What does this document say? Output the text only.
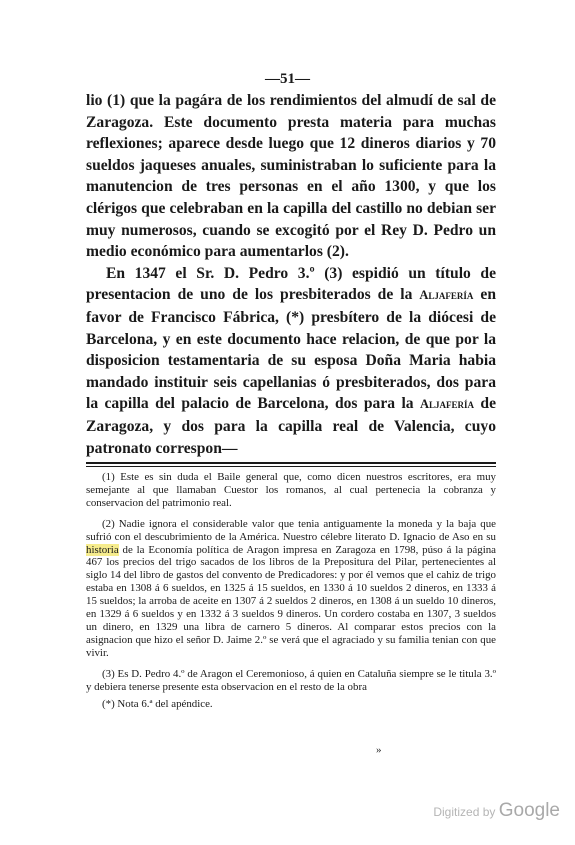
—51—

lio (1) que la pagára de los rendimientos del almudí de sal de Zaragoza. Este documento presta materia para muchas reflexiones; aparece desde luego que 12 dineros diarios y 70 sueldos jaqueses anuales, suministraban lo suficiente para la manutencion de tres personas en el año 1300, y que los clérigos que celebraban en la capilla del castillo no debian ser muy numerosos, cuando se excogitó por el Rey D. Pedro un medio económico para aumentarlos (2).

En 1347 el Sr. D. Pedro 3.º (3) espidió un título de presentacion de uno de los presbiterados de la Aljafería en favor de Francisco Fábrica, (*) presbítero de la diócesi de Barcelona, y en este documento hace relacion, de que por la disposicion testamentaria de su esposa Doña Maria habia mandado instituir seis capellanias ó presbiterados, dos para la capilla del palacio de Barcelona, dos para la Aljafería de Zaragoza, y dos para la capilla real de Valencia, cuyo patronato correspon—

(1) Este es sin duda el Baile general que, como dicen nuestros escritores, era muy semejante al que llamaban Cuestor los romanos, al cual pertenecia la cobranza y conservacion del patrimonio real.

(2) Nadie ignora el considerable valor que tenia antiguamente la moneda y la baja que sufrió con el descubrimiento de la América. Nuestro célebre literato D. Ignacio de Aso en su historia de la Economía política de Aragon impresa en Zaragoza en 1798, púso á la página 467 los precios del trigo sacados de los libros de la Prepositura del Pilar, pertenecientes al siglo 14 del libro de gastos del convento de Predicadores: y por él vemos que el cahiz de trigo estaba en 1308 á 6 sueldos, en 1325 á 15 sueldos, en 1330 á 10 sueldos 2 dineros, en 1333 á 15 sueldos; la arroba de aceite en 1307 á 2 sueldos 2 dineros, en 1308 á un sueldo 10 dineros, en 1329 á 6 sueldos y en 1332 á 3 sueldos 9 dineros. Un cordero costaba en 1307, 3 sueldos un dinero, en 1329 una libra de carnero 5 dineros. Al comparar estos precios con la asignacion que hizo el señor D. Jaime 2.º se verá que el agraciado y su familia tenian con que vivir.

(3) Es D. Pedro 4.º de Aragon el Ceremonioso, á quien en Cataluña siempre se le titula 3.º y debiera tenerse presente esta observacion en el resto de la obra

(*) Nota 6.ª del apéndice.

»
Digitized by Google
